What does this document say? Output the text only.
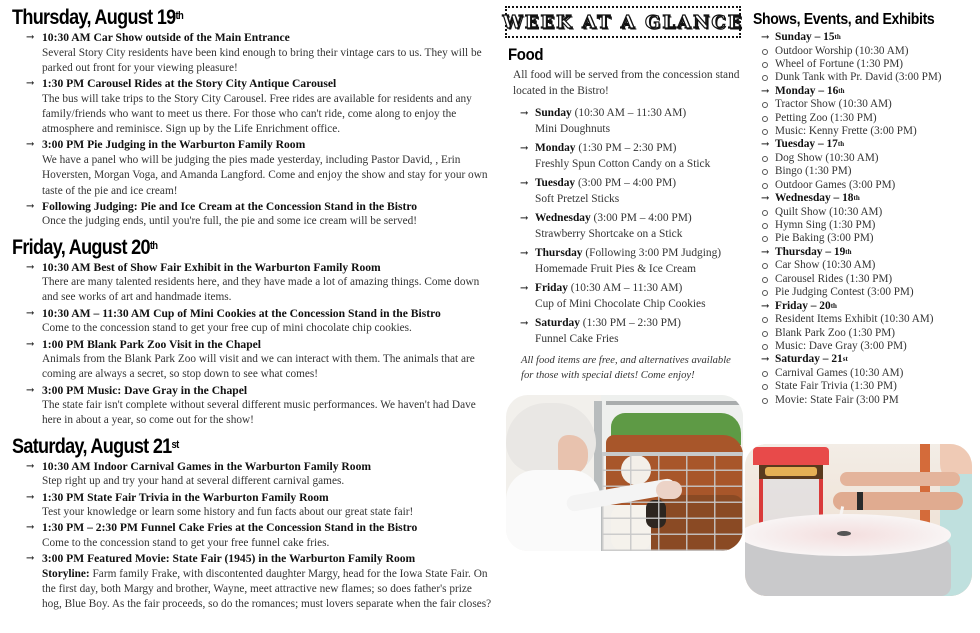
Thursday, August 19th
→ 10:30 AM Car Show outside of the Main Entrance
Several Story City residents have been kind enough to bring their vintage cars to us. They will be parked out front for your viewing pleasure!
→ 1:30 PM Carousel Rides at the Story City Antique Carousel
The bus will take trips to the Story City Carousel. Free rides are available for residents and any family/friends who want to meet us there. For those who can't ride, come along to enjoy the atmosphere and reminisce. Sign up by the Life Enrichment office.
→ 3:00 PM Pie Judging in the Warburton Family Room
We have a panel who will be judging the pies made yesterday, including Pastor David, , Erin Hoversten, Morgan Voga, and Amanda Langford. Come and enjoy the show and stay for your own taste of the pie and ice cream!
→ Following Judging: Pie and Ice Cream at the Concession Stand in the Bistro
Once the judging ends, until you're full, the pie and some ice cream will be served!
Friday, August 20th
→ 10:30 AM Best of Show Fair Exhibit in the Warburton Family Room
There are many talented residents here, and they have made a lot of amazing things. Come down and see works of art and handmade items.
→ 10:30 AM – 11:30 AM Cup of Mini Cookies at the Concession Stand in the Bistro
Come to the concession stand to get your free cup of mini chocolate chip cookies.
→ 1:00 PM Blank Park Zoo Visit in the Chapel
Animals from the Blank Park Zoo will visit and we can interact with them. The animals that are coming are always a secret, so stop down to see what comes!
→ 3:00 PM Music: Dave Gray in the Chapel
The state fair isn't complete without several different music performances. We haven't had Dave here in about a year, so come out for the show!
Saturday, August 21st
→ 10:30 AM Indoor Carnival Games in the Warburton Family Room
Step right up and try your hand at several different carnival games.
→ 1:30 PM State Fair Trivia in the Warburton Family Room
Test your knowledge or learn some history and fun facts about our great state fair!
→ 1:30 PM – 2:30 PM Funnel Cake Fries at the Concession Stand in the Bistro
Come to the concession stand to get your free funnel cake fries.
→ 3:00 PM Featured Movie: State Fair (1945) in the Warburton Family Room
Storyline: Farm family Frake, with discontented daughter Margy, head for the Iowa State Fair. On the first day, both Margy and brother, Wayne, meet attractive new flames; so does father's prize hog, Blue Boy. As the fair proceeds, so do the romances; must lovers separate when the fair closes?
WEEK AT A GLANCE
Food
All food will be served from the concession stand located in the Bistro!
→ Sunday (10:30 AM – 11:30 AM)
Mini Doughnuts
→ Monday (1:30 PM – 2:30 PM)
Freshly Spun Cotton Candy on a Stick
→ Tuesday (3:00 PM – 4:00 PM)
Soft Pretzel Sticks
→ Wednesday (3:00 PM – 4:00 PM)
Strawberry Shortcake on a Stick
→ Thursday (Following 3:00 PM Judging)
Homemade Fruit Pies & Ice Cream
→ Friday (10:30 AM – 11:30 AM)
Cup of Mini Chocolate Chip Cookies
→ Saturday (1:30 PM – 2:30 PM)
Funnel Cake Fries
All food items are free, and alternatives available for those with special diets! Come enjoy!
Shows, Events, and Exhibits
→ Sunday – 15th
Outdoor Worship (10:30 AM)
Wheel of Fortune (1:30 PM)
Dunk Tank with Pr. David (3:00 PM)
→ Monday – 16th
Tractor Show (10:30 AM)
Petting Zoo (1:30 PM)
Music: Kenny Frette (3:00 PM)
→ Tuesday – 17th
Dog Show (10:30 AM)
Bingo (1:30 PM)
Outdoor Games (3:00 PM)
→ Wednesday – 18th
Quilt Show (10:30 AM)
Hymn Sing (1:30 PM)
Pie Baking (3:00 PM)
→ Thursday – 19th
Car Show (10:30 AM)
Carousel Rides (1:30 PM)
Pie Judging Contest (3:00 PM)
→ Friday – 20th
Resident Items Exhibit (10:30 AM)
Blank Park Zoo (1:30 PM)
Music: Dave Gray (3:00 PM)
→ Saturday – 21st
Carnival Games (10:30 AM)
State Fair Trivia (1:30 PM)
Movie: State Fair (3:00 PM
